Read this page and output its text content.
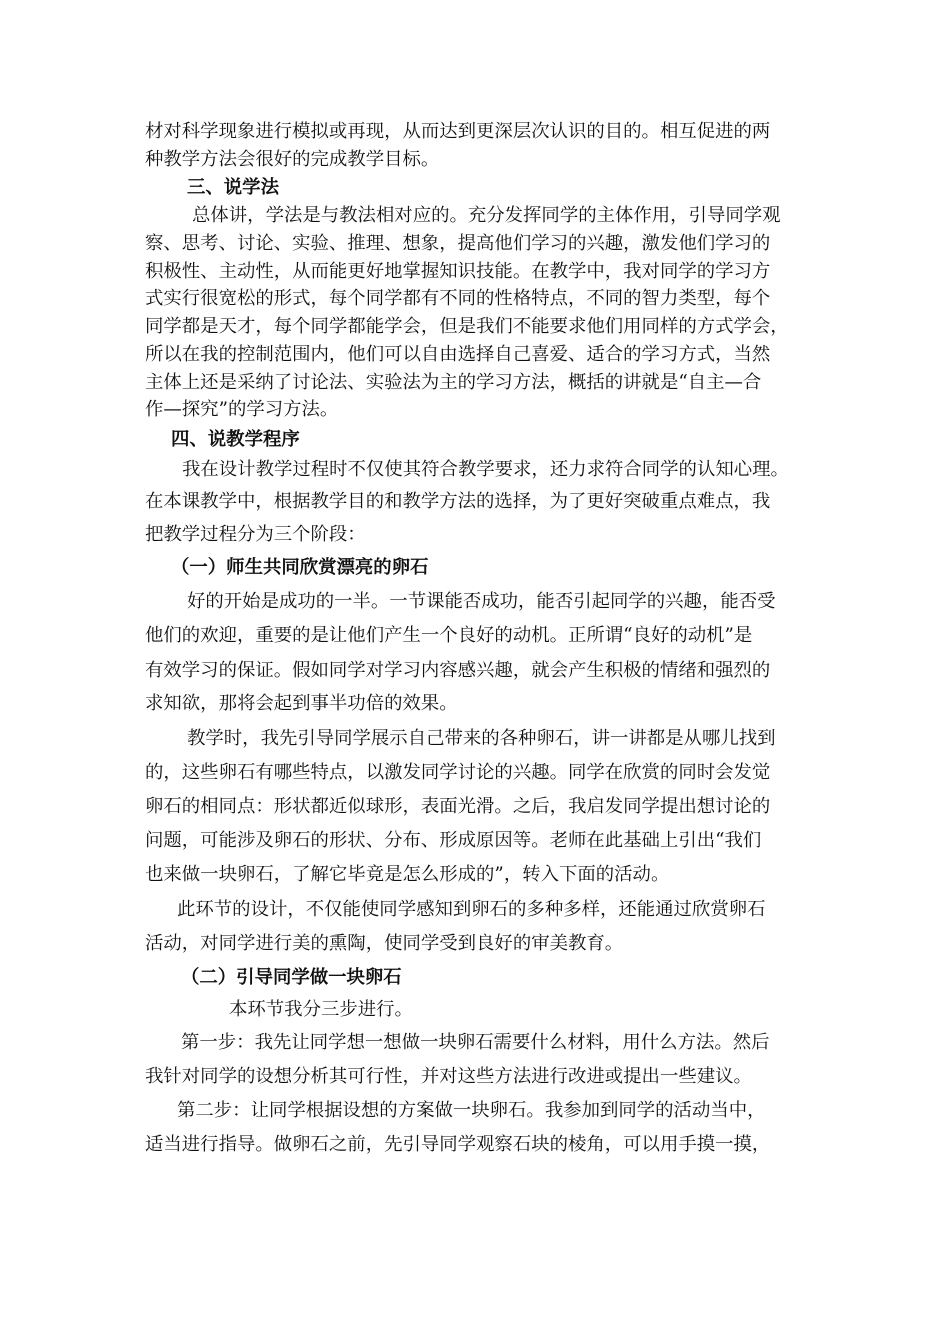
材对科学现象进行模拟或再现，从而达到更深层次认识的目的。相互促进的两
种教学方法会很好的完成教学目标。
三、说学法
总体讲，学法是与教法相对应的。充分发挥同学的主体作用，引导同学观
察、思考、讨论、实验、推理、想象，提高他们学习的兴趣，激发他们学习的
积极性、主动性，从而能更好地掌握知识技能。在教学中，我对同学的学习方
式实行很宽松的形式，每个同学都有不同的性格特点，不同的智力类型，每个
同学都是天才，每个同学都能学会，但是我们不能要求他们用同样的方式学会，
所以在我的控制范围内，他们可以自由选择自己喜爱、适合的学习方式，当然
主体上还是采纳了讨论法、实验法为主的学习方法，概括的讲就是“自主—合
作—探究”的学习方法。
四、说教学程序
我在设计教学过程时不仅使其符合教学要求，还力求符合同学的认知心理。
在本课教学中，根据教学目的和教学方法的选择，为了更好突破重点难点，我
把教学过程分为三个阶段：
（一）师生共同欣赏漂亮的卵石
好的开始是成功的一半。一节课能否成功，能否引起同学的兴趣，能否受
他们的欢迎，重要的是让他们产生一个良好的动机。正所谓“良好的动机”是
有效学习的保证。假如同学对学习内容感兴趣，就会产生积极的情绪和强烈的
求知欲，那将会起到事半功倍的效果。
教学时，我先引导同学展示自己带来的各种卵石，讲一讲都是从哪儿找到
的，这些卵石有哪些特点，以激发同学讨论的兴趣。同学在欣赏的同时会发觉
卵石的相同点：形状都近似球形，表面光滑。之后，我启发同学提出想讨论的
问题，可能涉及卵石的形状、分布、形成原因等。老师在此基础上引出“我们
也来做一块卵石，了解它毕竟是怎么形成的”，转入下面的活动。
此环节的设计，不仅能使同学感知到卵石的多种多样，还能通过欣赏卵石
活动，对同学进行美的熏陶，使同学受到良好的审美教育。
（二）引导同学做一块卵石
本环节我分三步进行。
第一步：我先让同学想一想做一块卵石需要什么材料，用什么方法。然后
我针对同学的设想分析其可行性，并对这些方法进行改进或提出一些建议。
第二步：让同学根据设想的方案做一块卵石。我参加到同学的活动当中，
适当进行指导。做卵石之前，先引导同学观察石块的棱角，可以用手摸一摸，
